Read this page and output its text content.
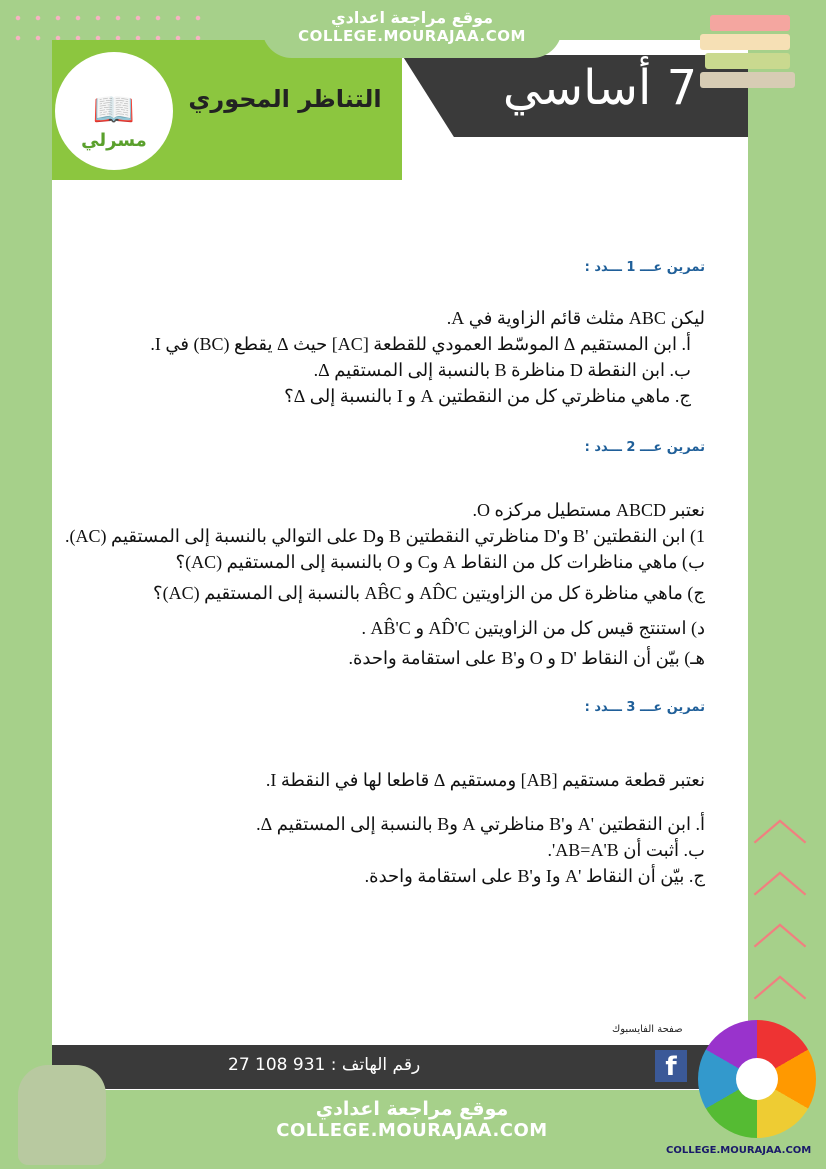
7 أساسي
التناظر المحوري
📖
مسرلي
موقع مراجعة اعدادي
COLLEGE.MOURAJAA.COM
تمرين عـــ 1 ـــدد :
ليكن ABC مثلث قائم الزاوية في A.
أ. ابن المستقيم Δ الموسّط العمودي للقطعة [AC] حيث Δ يقطع (BC) في I.
ب. ابن النقطة D مناظرة B بالنسبة إلى المستقيم Δ.
ج. ماهي مناظرتي كل من النقطتين A و I بالنسبة إلى Δ؟
تمرين عـــ 2 ـــدد :
نعتبر ABCD مستطيل مركزه O.
1) ابن النقطتين 'B و'D مناظرتي النقطتين B وD على التوالي بالنسبة إلى المستقيم (AC).
ب) ماهي مناظرات كل من النقاط A وC و O بالنسبة إلى المستقيم (AC)؟
ج) ماهي مناظرة كل من الزاويتين AD̂C و AB̂C بالنسبة إلى المستقيم (AC)؟
د) استنتج قيس كل من الزاويتين AD̂'C و AB̂'C .
هـ) بيّن أن النقاط 'D و O و'B على استقامة واحدة.
تمرين عـــ 3 ـــدد :
نعتبر قطعة مستقيم [AB] ومستقيم Δ قاطعا لها في النقطة I.
أ. ابن النقطتين 'A و'B مناظرتي A وB بالنسبة إلى المستقيم Δ.
ب. أثبت أن AB=A'B'.
ج. بيّن أن النقاط 'A وI و'B على استقامة واحدة.
︿
︿
︿
︿
رقم الهاتف : 931 108 27
صفحة الفايسبوك
f
COLLEGE.MOURAJAA.COM
موقع مراجعة اعدادي
COLLEGE.MOURAJAA.COM
